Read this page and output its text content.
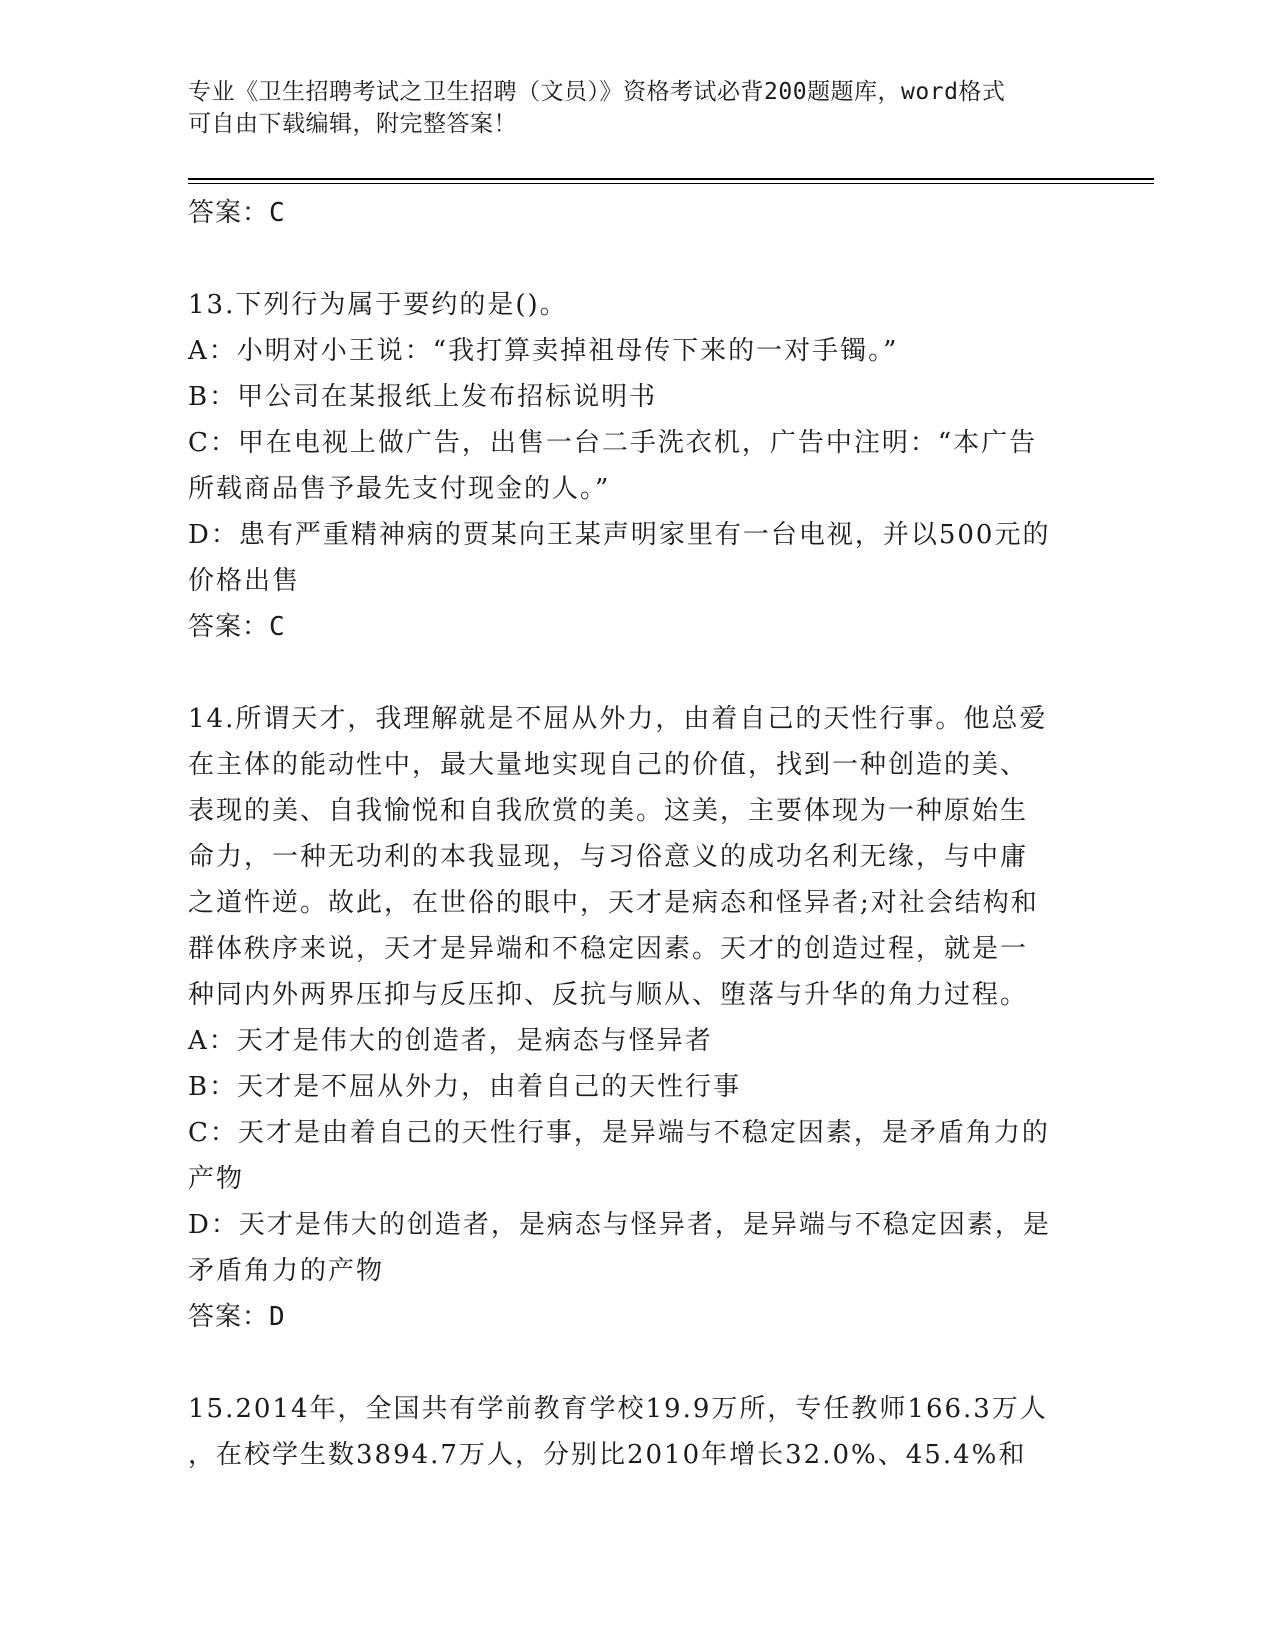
专业《卫生招聘考试之卫生招聘（文员）》资格考试必背200题题库，word格式
可自由下载编辑，附完整答案！

答案：C

13.下列行为属于要约的是()。

A：小明对小王说：“我打算卖掉祖母传下来的一对手镯。”

B：甲公司在某报纸上发布招标说明书

C：甲在电视上做广告，出售一台二手洗衣机，广告中注明：“本广告

所载商品售予最先支付现金的人。”

D：患有严重精神病的贾某向王某声明家里有一台电视，并以500元的

价格出售

答案：C

14.所谓天才，我理解就是不屈从外力，由着自己的天性行事。他总爱

在主体的能动性中，最大量地实现自己的价值，找到一种创造的美、

表现的美、自我愉悦和自我欣赏的美。这美，主要体现为一种原始生

命力，一种无功利的本我显现，与习俗意义的成功名利无缘，与中庸

之道忤逆。故此，在世俗的眼中，天才是病态和怪异者;对社会结构和

群体秩序来说，天才是异端和不稳定因素。天才的创造过程，就是一

种同内外两界压抑与反压抑、反抗与顺从、堕落与升华的角力过程。

A：天才是伟大的创造者，是病态与怪异者

B：天才是不屈从外力，由着自己的天性行事

C：天才是由着自己的天性行事，是异端与不稳定因素，是矛盾角力的

产物

D：天才是伟大的创造者，是病态与怪异者，是异端与不稳定因素，是

矛盾角力的产物

答案：D

15.2014年，全国共有学前教育学校19.9万所，专任教师166.3万人

，在校学生数3894.7万人，分别比2010年增长32.0%、45.4%和
